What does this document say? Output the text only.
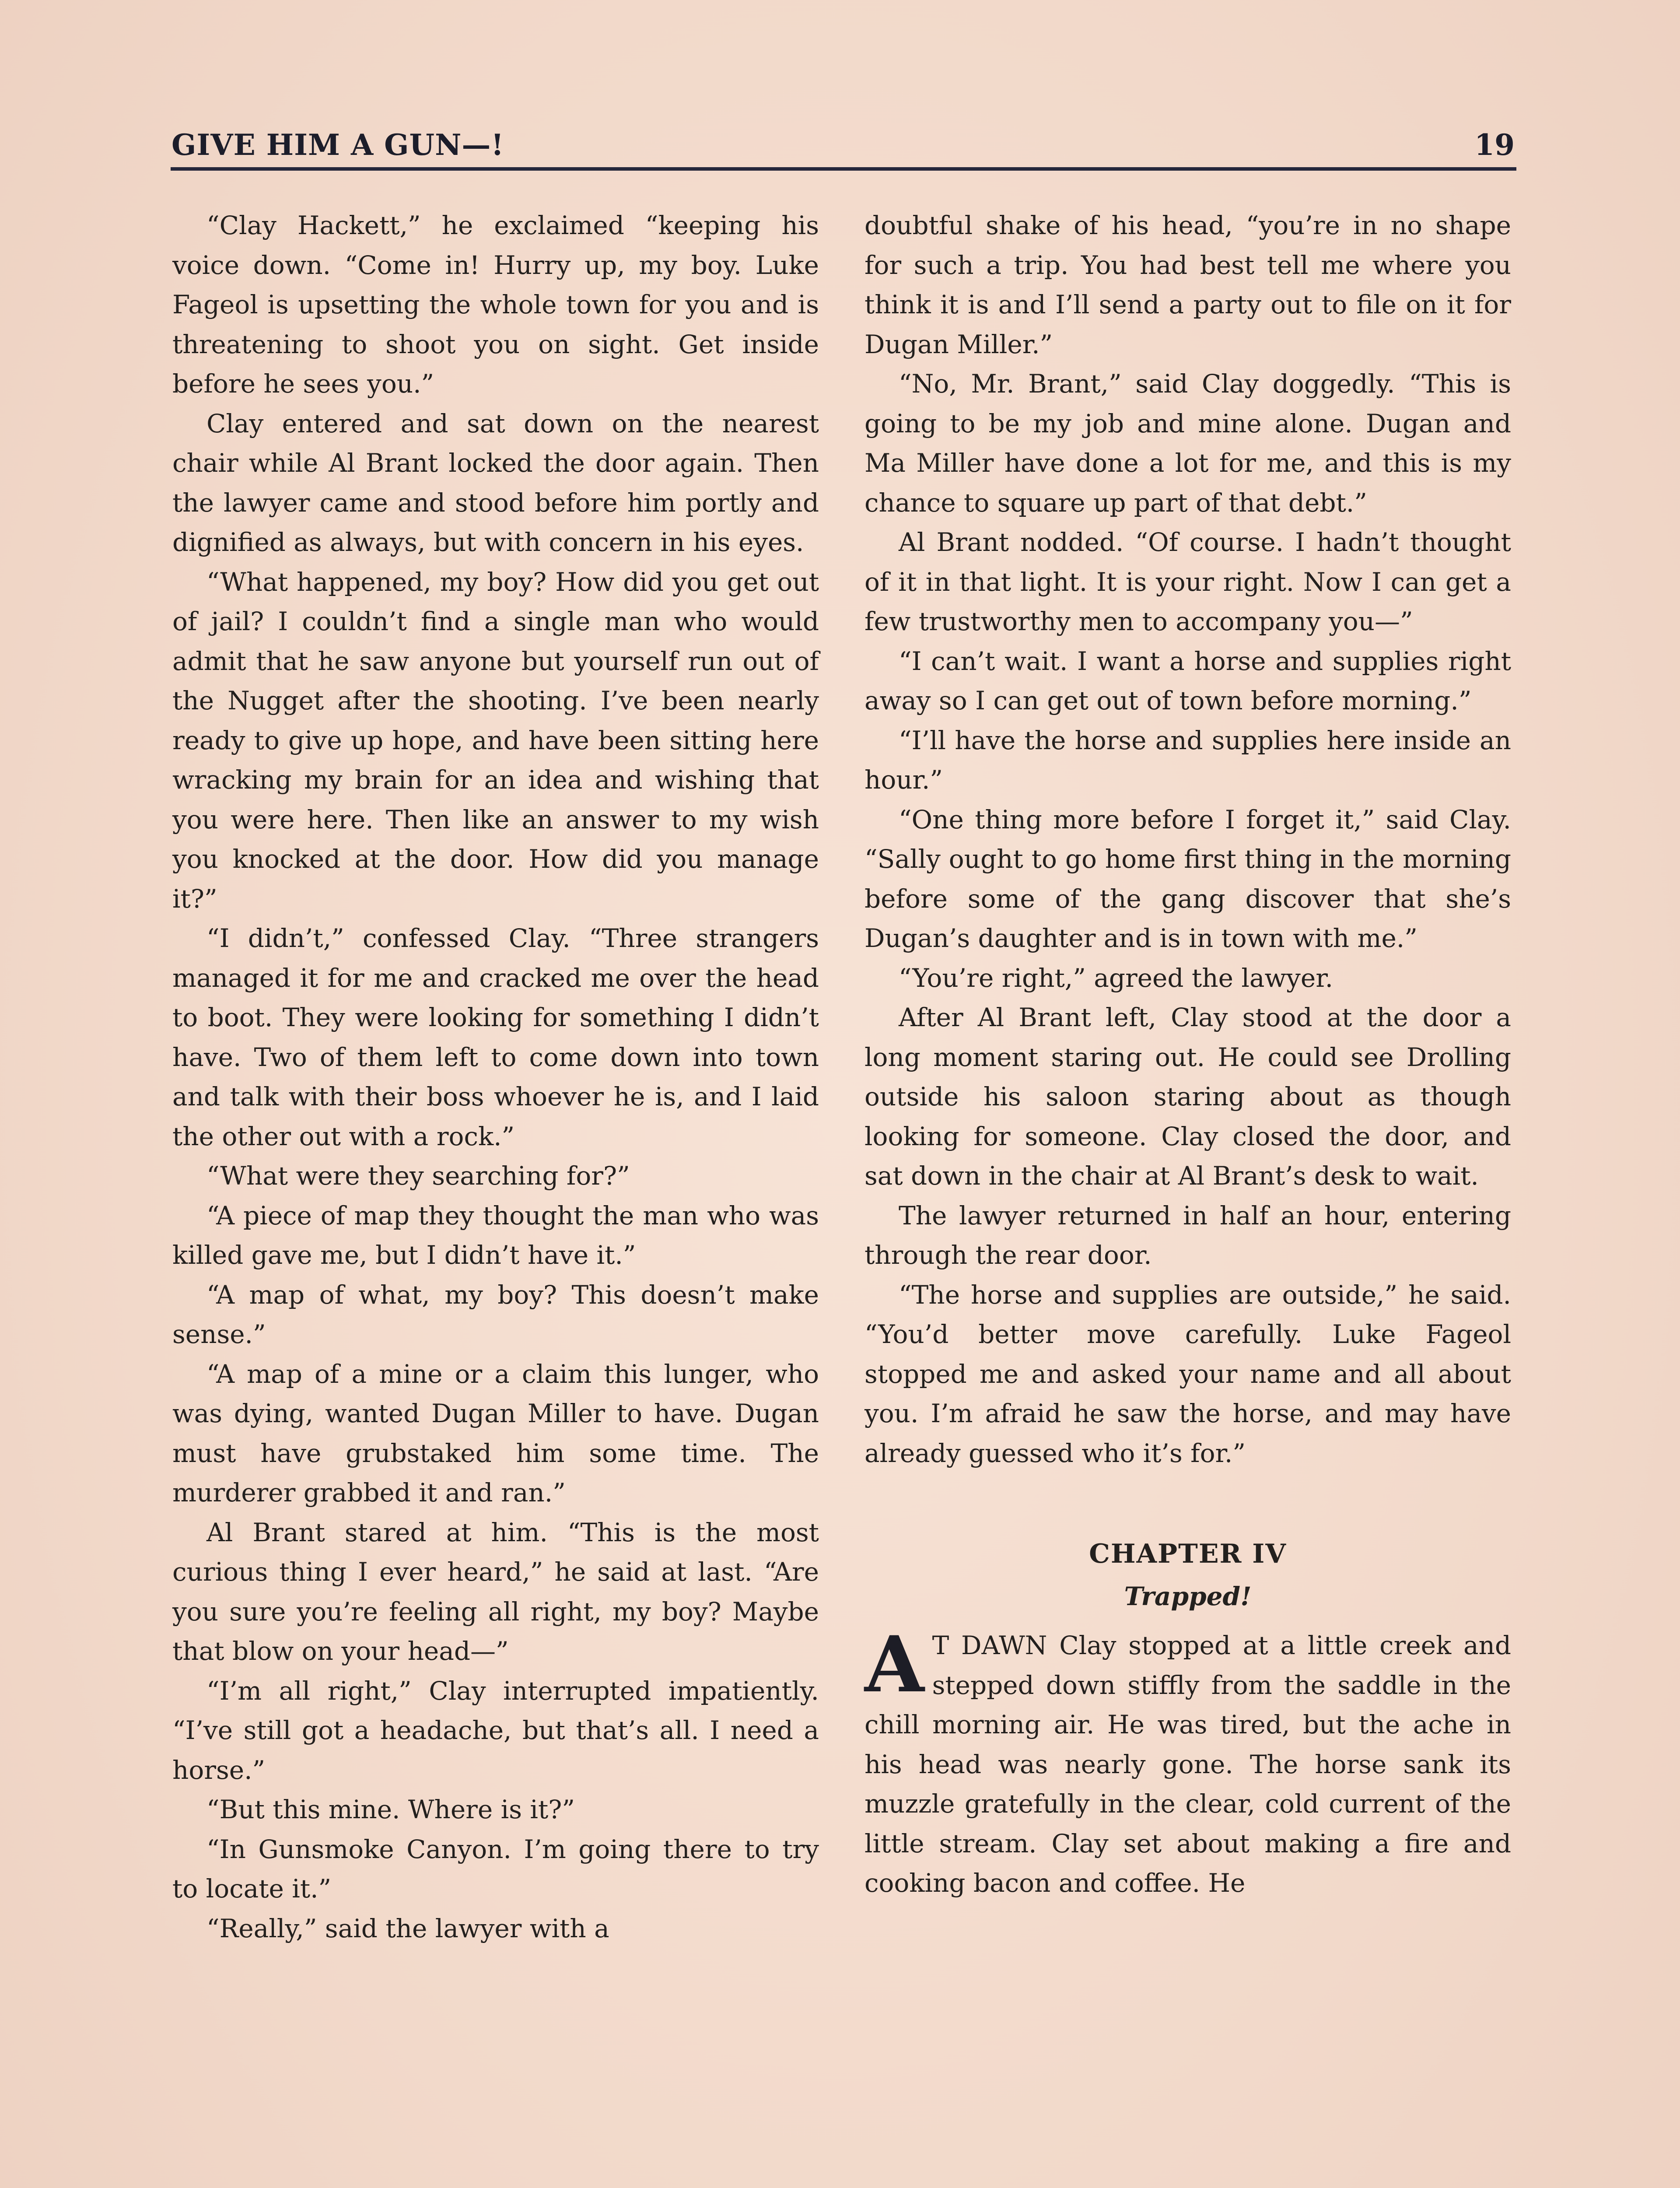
GIVE HIM A GUN—!	19

“Clay Hackett,” he exclaimed “keeping his voice down. “Come in! Hurry up, my boy. Luke Fageol is upsetting the whole town for you and is threatening to shoot you on sight. Get inside before he sees you.”

Clay entered and sat down on the nearest chair while Al Brant locked the door again. Then the lawyer came and stood before him portly and dignified as always, but with concern in his eyes.

“What happened, my boy? How did you get out of jail? I couldn’t find a single man who would admit that he saw anyone but yourself run out of the Nugget after the shooting. I’ve been nearly ready to give up hope, and have been sitting here wracking my brain for an idea and wishing that you were here. Then like an answer to my wish you knocked at the door. How did you manage it?”

“I didn’t,” confessed Clay. “Three strangers managed it for me and cracked me over the head to boot. They were looking for something I didn’t have. Two of them left to come down into town and talk with their boss whoever he is, and I laid the other out with a rock.”

“What were they searching for?”

“A piece of map they thought the man who was killed gave me, but I didn’t have it.”

“A map of what, my boy? This doesn’t make sense.”

“A map of a mine or a claim this lunger, who was dying, wanted Dugan Miller to have. Dugan must have grubstaked him some time. The murderer grabbed it and ran.”

Al Brant stared at him. “This is the most curious thing I ever heard,” he said at last. “Are you sure you’re feeling all right, my boy? Maybe that blow on your head—”

“I’m all right,” Clay interrupted impatiently. “I’ve still got a headache, but that’s all. I need a horse.”

“But this mine. Where is it?”

“In Gunsmoke Canyon. I’m going there to try to locate it.”

“Really,” said the lawyer with a

doubtful shake of his head, “you’re in no shape for such a trip. You had best tell me where you think it is and I’ll send a party out to file on it for Dugan Miller.”

“No, Mr. Brant,” said Clay doggedly. “This is going to be my job and mine alone. Dugan and Ma Miller have done a lot for me, and this is my chance to square up part of that debt.”

Al Brant nodded. “Of course. I hadn’t thought of it in that light. It is your right. Now I can get a few trustworthy men to accompany you—”

“I can’t wait. I want a horse and supplies right away so I can get out of town before morning.”

“I’ll have the horse and supplies here inside an hour.”

“One thing more before I forget it,” said Clay. “Sally ought to go home first thing in the morning before some of the gang discover that she’s Dugan’s daughter and is in town with me.”

“You’re right,” agreed the lawyer.

After Al Brant left, Clay stood at the door a long moment staring out. He could see Drolling outside his saloon staring about as though looking for someone. Clay closed the door, and sat down in the chair at Al Brant’s desk to wait.

The lawyer returned in half an hour, entering through the rear door.

“The horse and supplies are outside,” he said. “You’d better move carefully. Luke Fageol stopped me and asked your name and all about you. I’m afraid he saw the horse, and may have already guessed who it’s for.”

CHAPTER IV

Trapped!

A T DAWN Clay stopped at a little creek and stepped down stiffly from the saddle in the chill morning air. He was tired, but the ache in his head was nearly gone. The horse sank its muzzle gratefully in the clear, cold current of the little stream. Clay set about making a fire and cooking bacon and coffee. He
